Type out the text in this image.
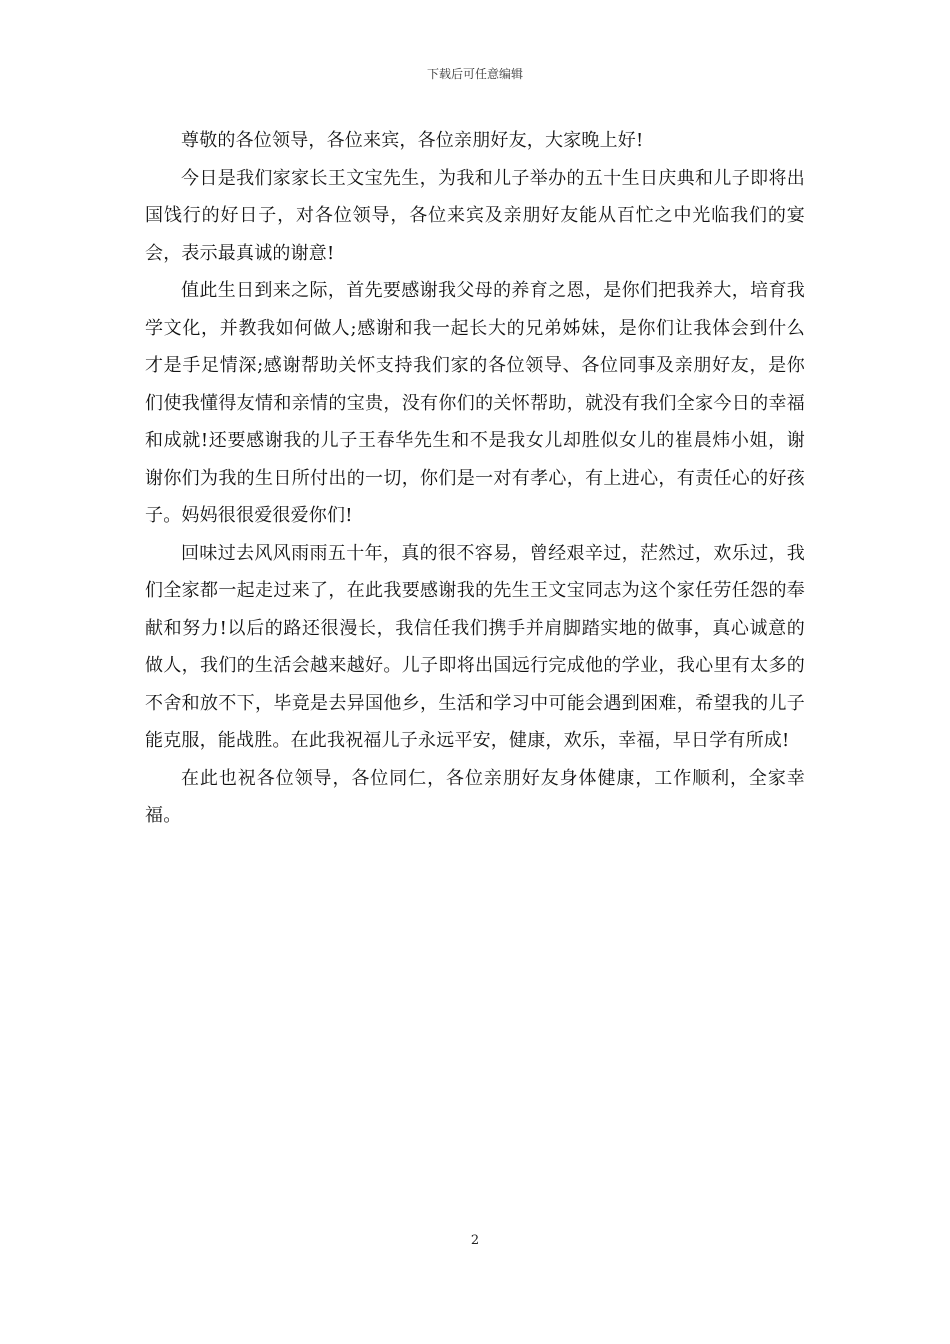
下载后可任意编辑

尊敬的各位领导，各位来宾，各位亲朋好友，大家晚上好!

今日是我们家家长王文宝先生，为我和儿子举办的五十生日庆典和儿子即将出国饯行的好日子，对各位领导，各位来宾及亲朋好友能从百忙之中光临我们的宴会，表示最真诚的谢意!

值此生日到来之际，首先要感谢我父母的养育之恩，是你们把我养大，培育我学文化，并教我如何做人;感谢和我一起长大的兄弟姊妹，是你们让我体会到什么才是手足情深;感谢帮助关怀支持我们家的各位领导、各位同事及亲朋好友，是你们使我懂得友情和亲情的宝贵，没有你们的关怀帮助，就没有我们全家今日的幸福和成就!还要感谢我的儿子王春华先生和不是我女儿却胜似女儿的崔晨炜小姐，谢谢你们为我的生日所付出的一切，你们是一对有孝心，有上进心，有责任心的好孩子。妈妈很很爱很爱你们!

回味过去风风雨雨五十年，真的很不容易，曾经艰辛过，茫然过，欢乐过，我们全家都一起走过来了，在此我要感谢我的先生王文宝同志为这个家任劳任怨的奉献和努力!以后的路还很漫长，我信任我们携手并肩脚踏实地的做事，真心诚意的做人，我们的生活会越来越好。儿子即将出国远行完成他的学业，我心里有太多的不舍和放不下，毕竟是去异国他乡，生活和学习中可能会遇到困难，希望我的儿子能克服，能战胜。在此我祝福儿子永远平安，健康，欢乐，幸福，早日学有所成!

在此也祝各位领导，各位同仁，各位亲朋好友身体健康，工作顺利，全家幸福。

2
